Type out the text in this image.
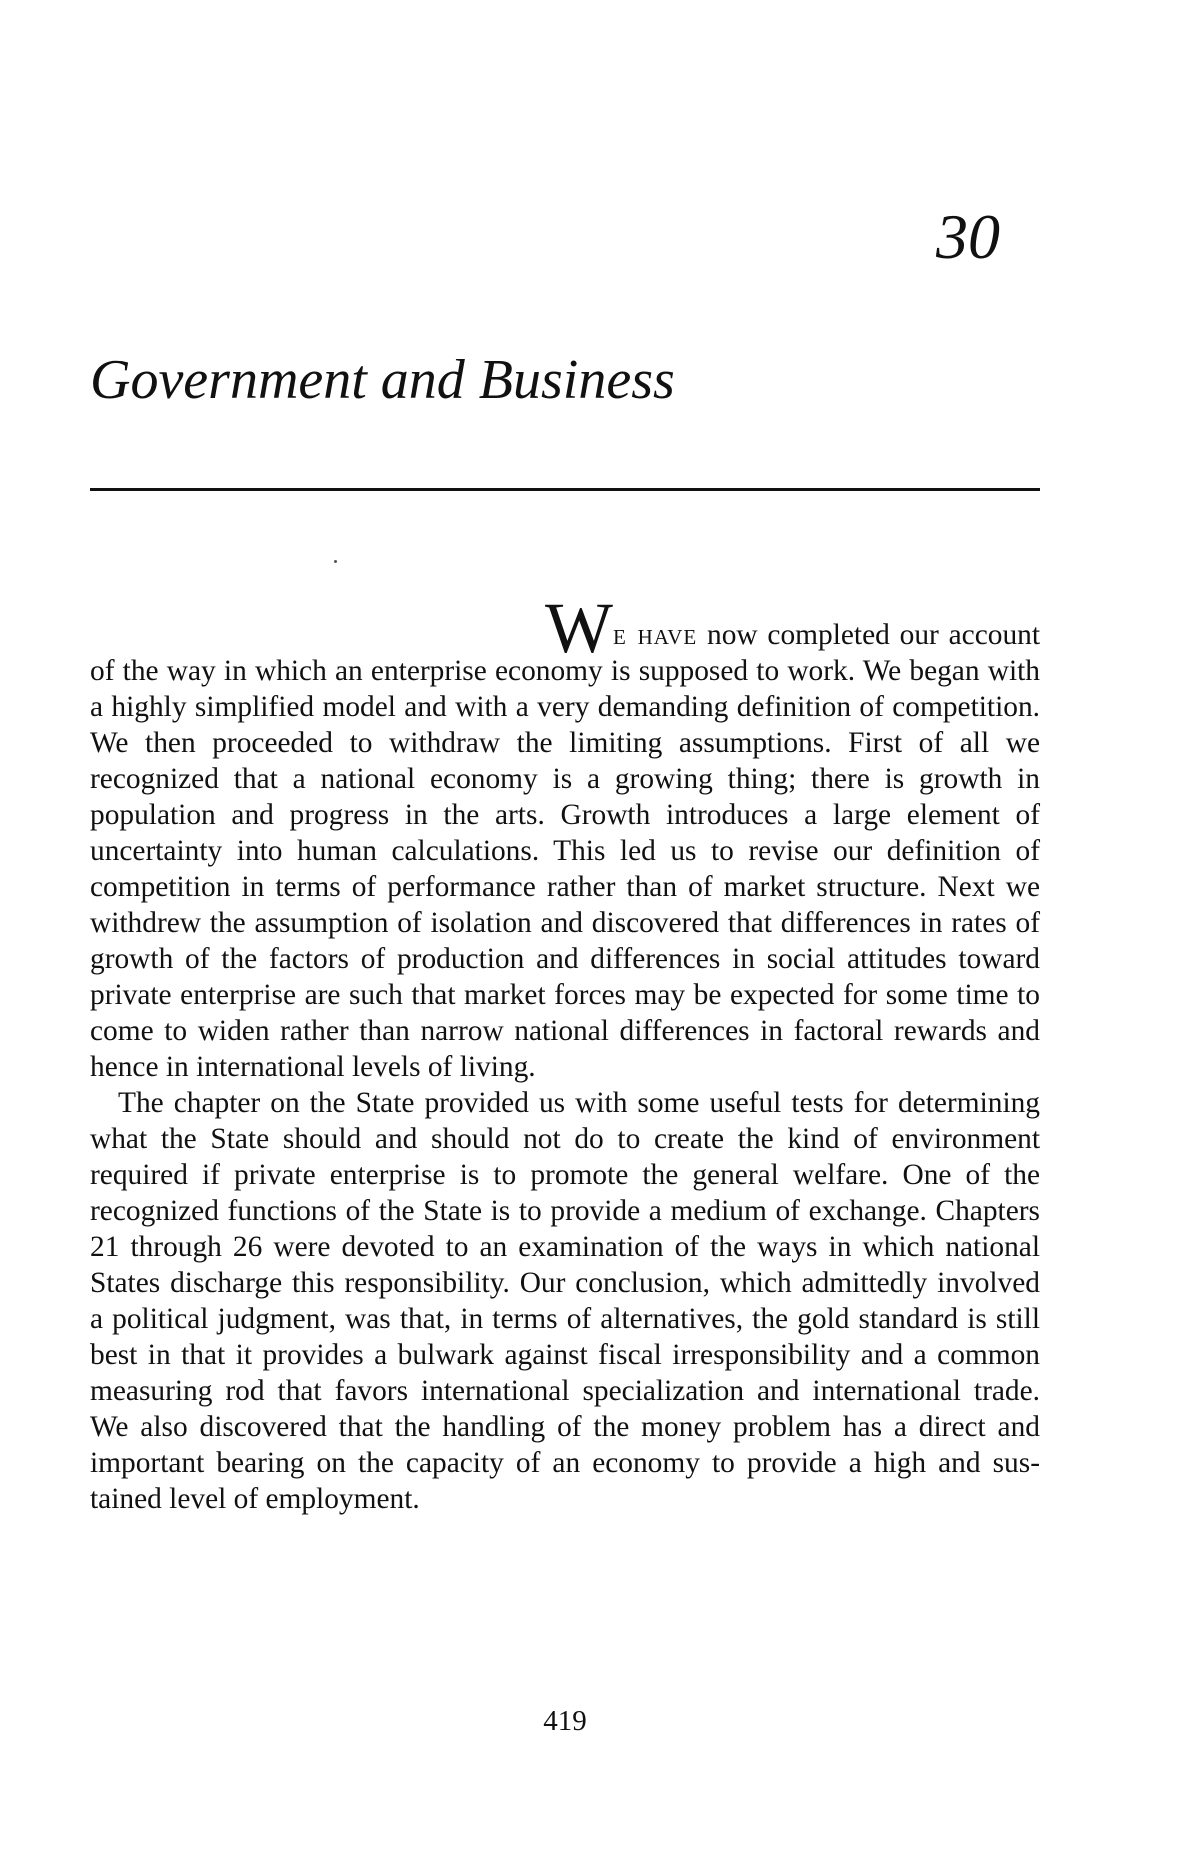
30
Government and Business

We have now completed our account of the way in which an enterprise economy is supposed to work. We began with a highly simplified model and with a very demanding definition of competition. We then proceeded to withdraw the limiting assumptions. First of all we recognized that a national economy is a growing thing; there is growth in population and progress in the arts. Growth introduces a large element of uncertainty into human calculations. This led us to revise our definition of competition in terms of performance rather than of market structure. Next we withdrew the assumption of isolation and discovered that differences in rates of growth of the factors of production and differences in social attitudes toward private enterprise are such that market forces may be expected for some time to come to widen rather than narrow national differences in factoral rewards and hence in international levels of living.

The chapter on the State provided us with some useful tests for determining what the State should and should not do to create the kind of environment required if private enterprise is to promote the general welfare. One of the recognized functions of the State is to provide a medium of exchange. Chapters 21 through 26 were devoted to an examination of the ways in which national States discharge this responsibility. Our conclusion, which admittedly involved a political judgment, was that, in terms of alternatives, the gold standard is still best in that it provides a bulwark against fiscal irresponsibility and a common measuring rod that favors international specialization and international trade. We also discovered that the handling of the money problem has a direct and important bearing on the capacity of an economy to provide a high and sustained level of employment.

419
